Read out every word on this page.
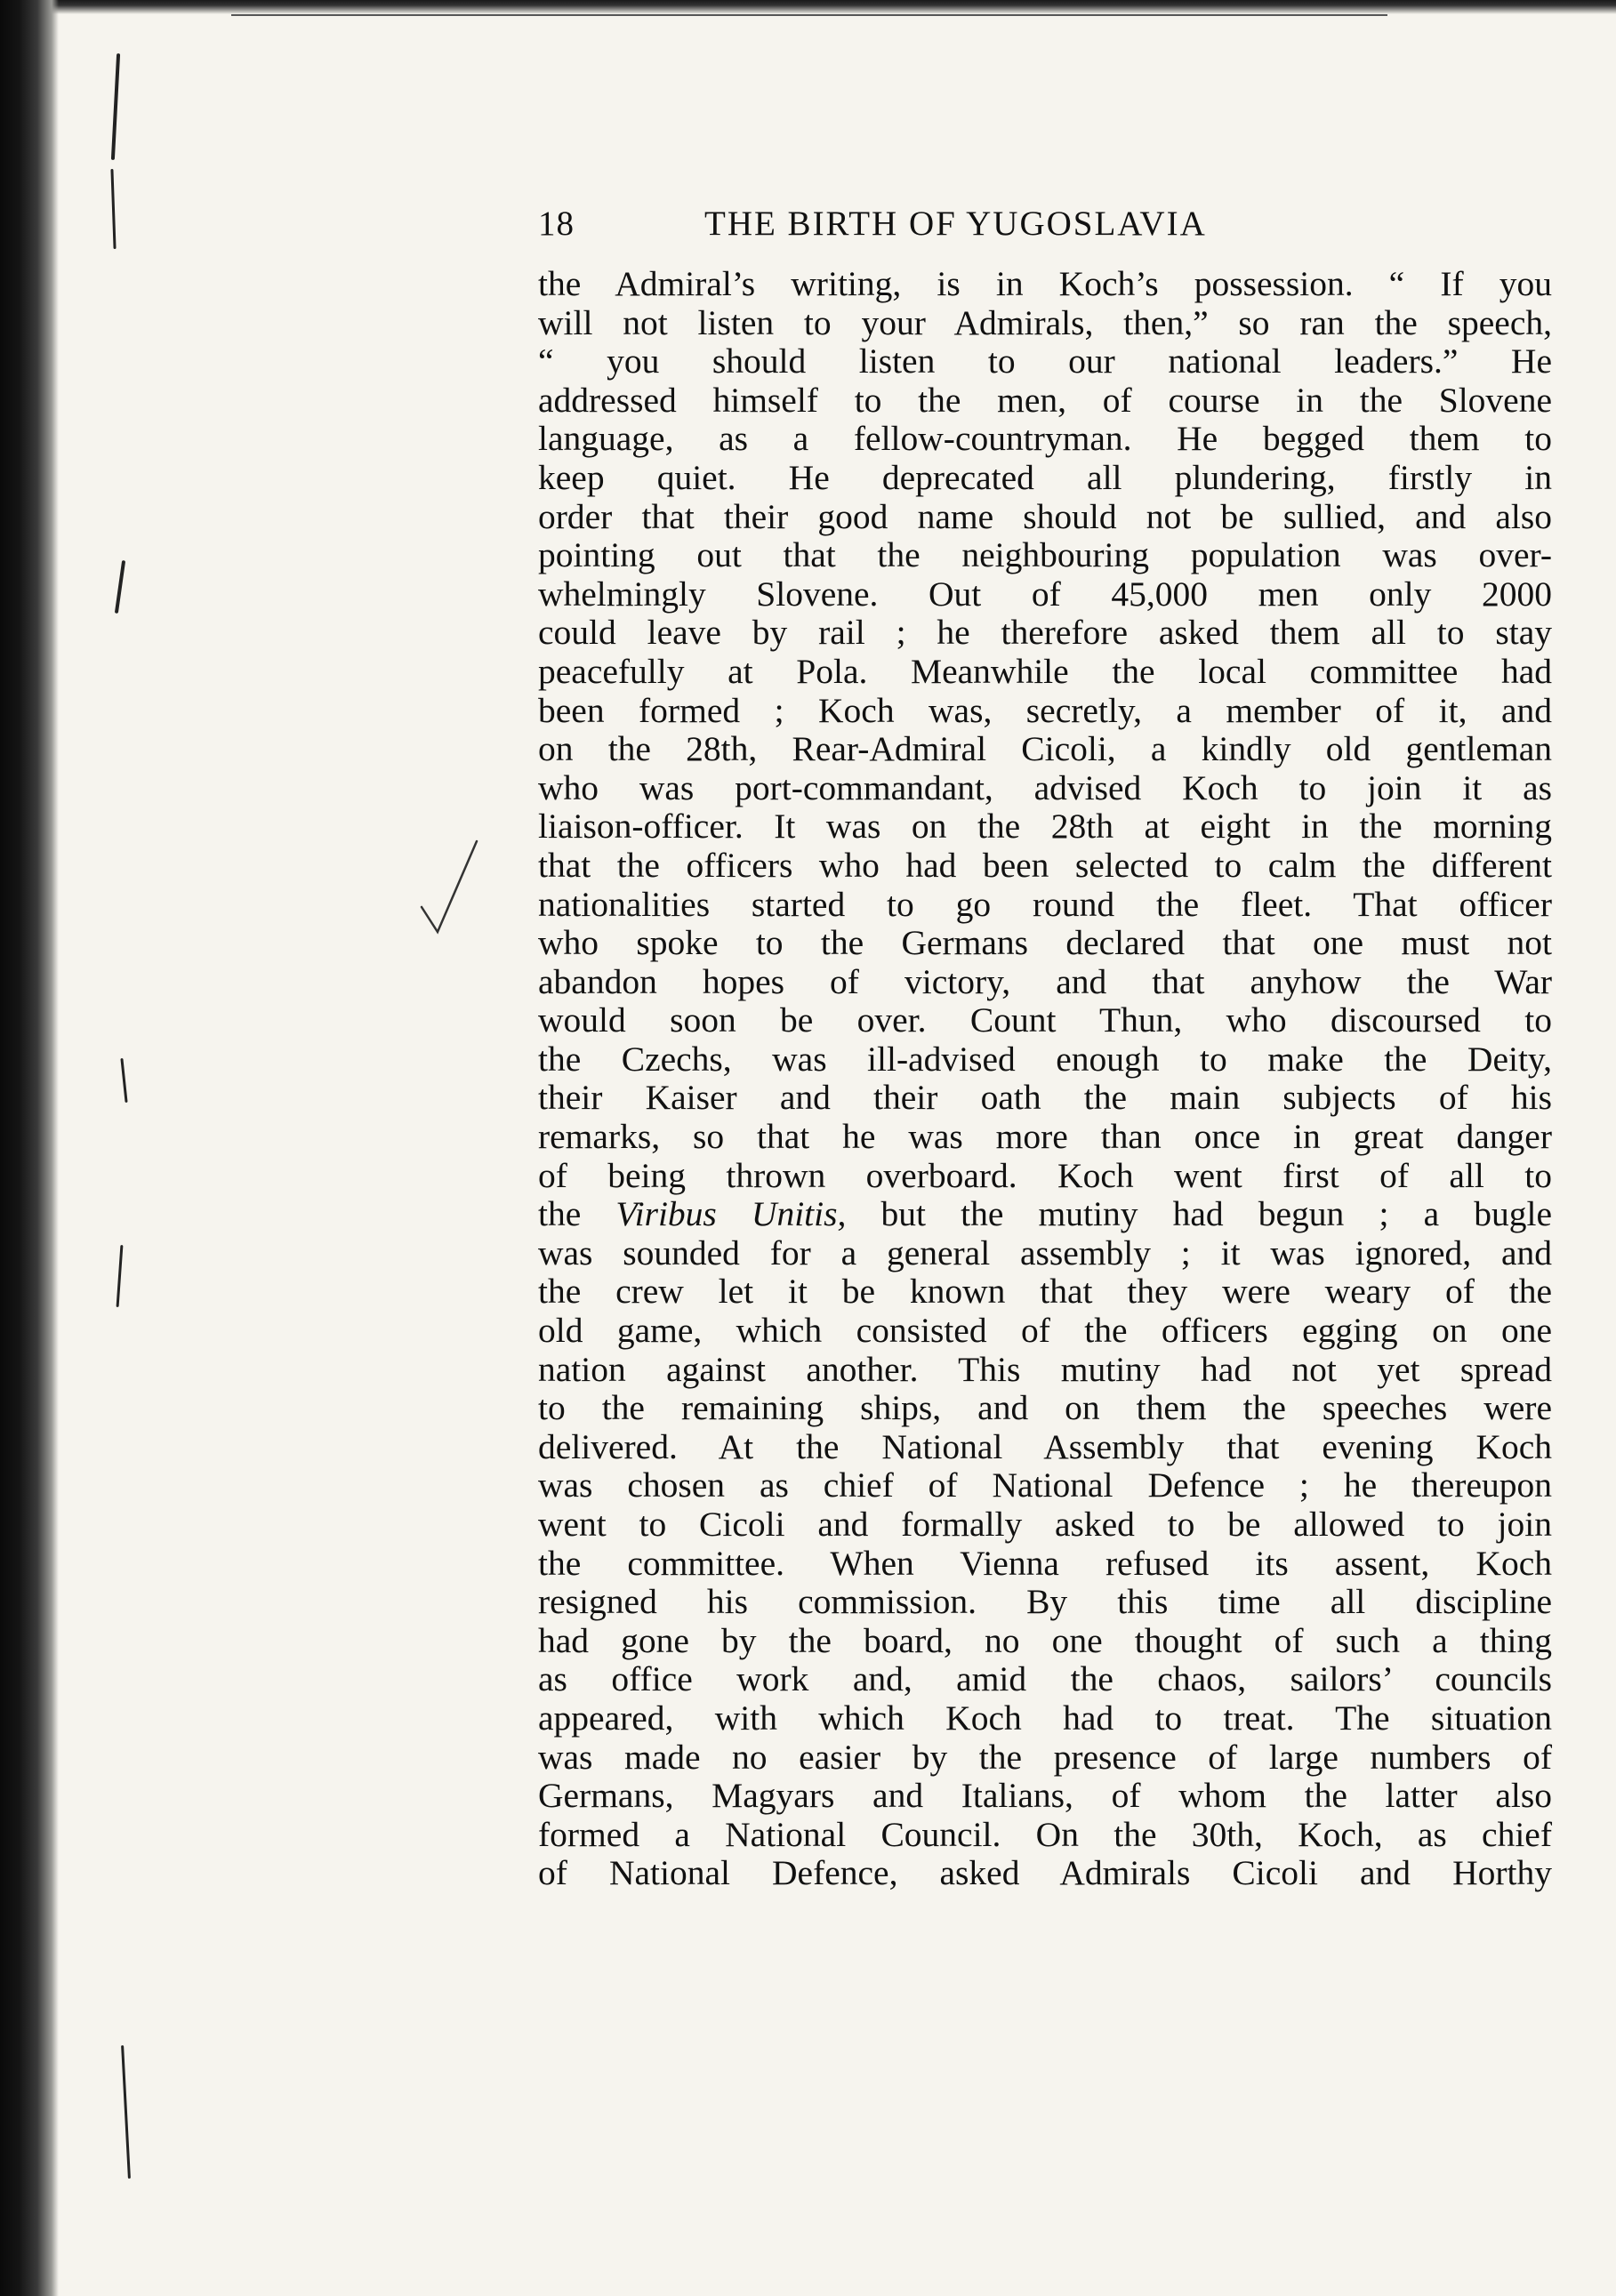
18	THE BIRTH OF YUGOSLAVIA
the Admiral’s writing, is in Koch’s possession. “ If you
will not listen to your Admirals, then,” so ran the speech,
“ you should listen to our national leaders.” He
addressed himself to the men, of course in the Slovene
language, as a fellow-countryman. He begged them to
keep quiet. He deprecated all plundering, firstly in
order that their good name should not be sullied, and also
pointing out that the neighbouring population was over-
whelmingly Slovene. Out of 45,000 men only 2000
could leave by rail ; he therefore asked them all to stay
peacefully at Pola. Meanwhile the local committee had
been formed ; Koch was, secretly, a member of it, and
on the 28th, Rear-Admiral Cicoli, a kindly old gentleman
who was port-commandant, advised Koch to join it as
liaison-officer. It was on the 28th at eight in the morning
that the officers who had been selected to calm the different
nationalities started to go round the fleet. That officer
who spoke to the Germans declared that one must not
abandon hopes of victory, and that anyhow the War
would soon be over. Count Thun, who discoursed to
the Czechs, was ill-advised enough to make the Deity,
their Kaiser and their oath the main subjects of his
remarks, so that he was more than once in great danger
of being thrown overboard. Koch went first of all to
the Viribus Unitis, but the mutiny had begun ; a bugle
was sounded for a general assembly ; it was ignored, and
the crew let it be known that they were weary of the
old game, which consisted of the officers egging on one
nation against another. This mutiny had not yet spread
to the remaining ships, and on them the speeches were
delivered. At the National Assembly that evening Koch
was chosen as chief of National Defence ; he thereupon
went to Cicoli and formally asked to be allowed to join
the committee. When Vienna refused its assent, Koch
resigned his commission. By this time all discipline
had gone by the board, no one thought of such a thing
as office work and, amid the chaos, sailors’ councils
appeared, with which Koch had to treat. The situation
was made no easier by the presence of large numbers of
Germans, Magyars and Italians, of whom the latter also
formed a National Council. On the 30th, Koch, as chief
of National Defence, asked Admirals Cicoli and Horthy
